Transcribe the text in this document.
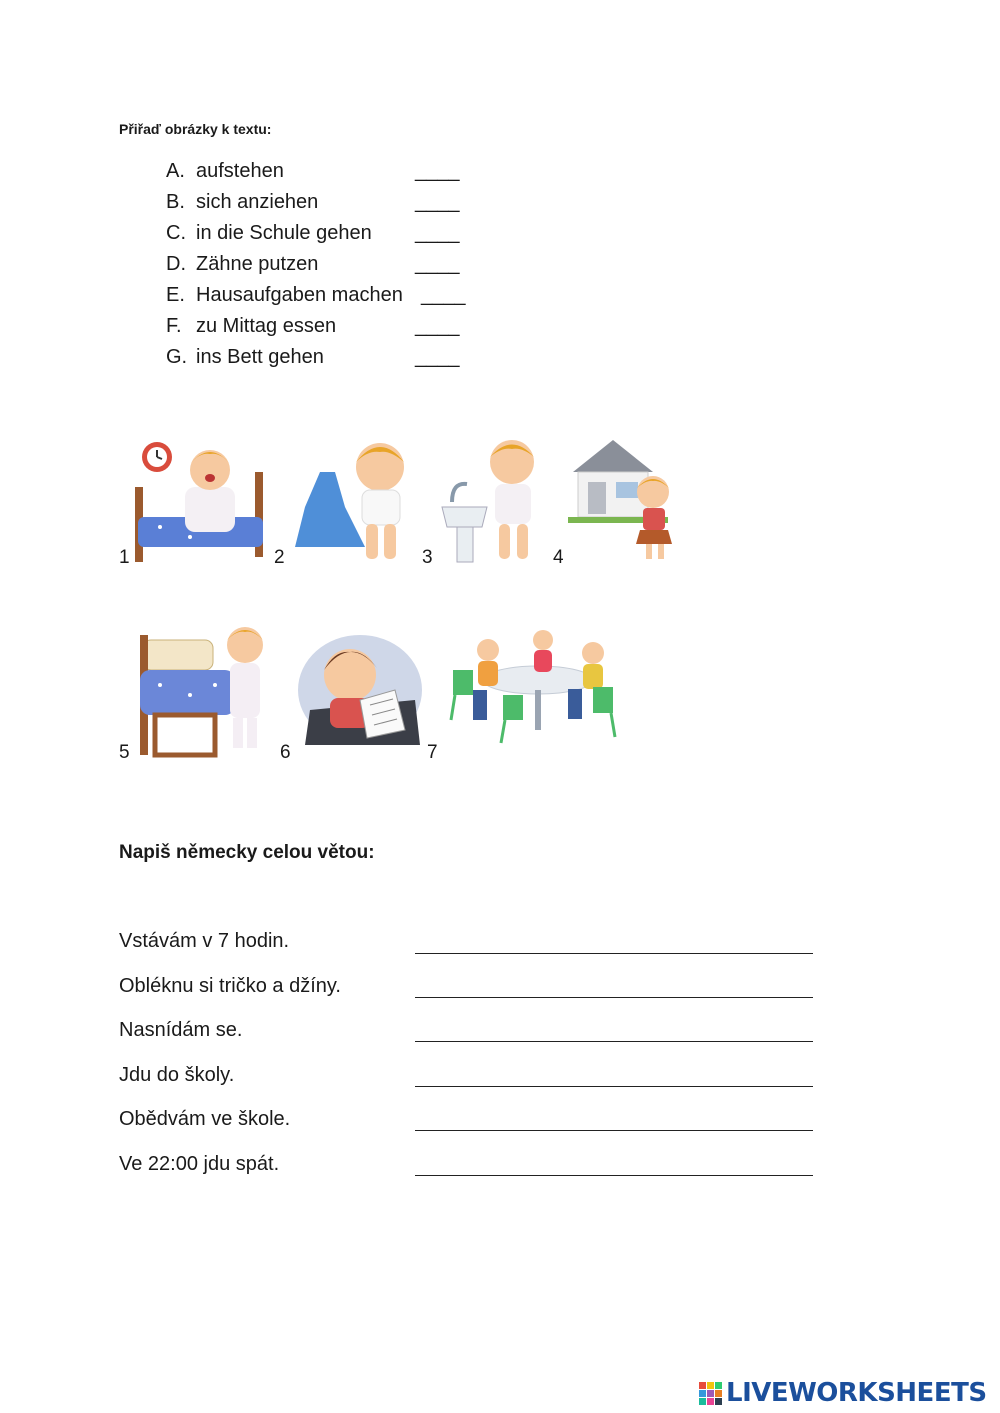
Přiřaď obrázky k textu:
A. aufstehen	____
B. sich anziehen	____
C. in die Schule gehen ____
D. Zähne putzen	____
E. Hausaufgaben machen ____
F. zu Mittag essen	____
G. ins Bett gehen	____
1	2	3	4
5	6	7
Napiš německy celou větou:
Vstávám v 7 hodin.
Obléknu si tričko a džíny.
Nasnídám se.
Jdu do školy.
Obědvám ve škole.
Ve 22:00 jdu spát.
LIVEWORKSHEETS
